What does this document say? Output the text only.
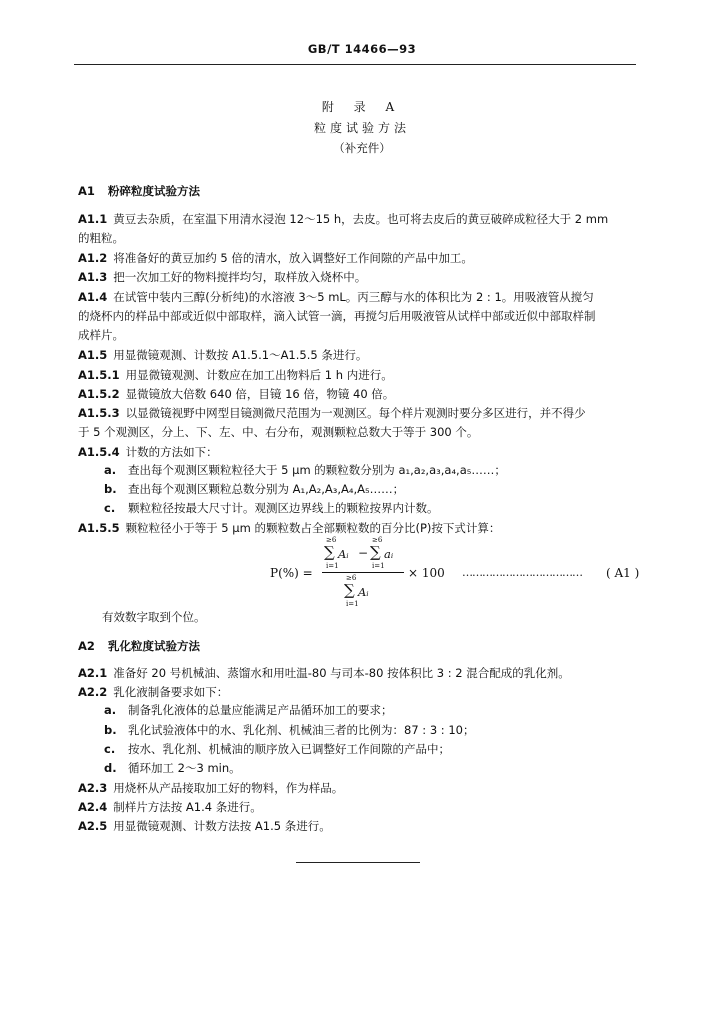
GB/T 14466—93
附 录 A
粒度试验方法
（补充件）
A1 粉碎粒度试验方法
A1.1 黄豆去杂质，在室温下用清水浸泡 12～15 h，去皮。也可将去皮后的黄豆破碎成粒径大于 2 mm
的粗粒。
A1.2 将准备好的黄豆加约 5 倍的清水，放入调整好工作间隙的产品中加工。
A1.3 把一次加工好的物料搅拌均匀，取样放入烧杯中。
A1.4 在试管中装内三醇(分析纯)的水溶液 3～5 mL。丙三醇与水的体积比为 2 : 1。用吸液管从搅匀
的烧杯内的样品中部或近似中部取样，滴入试管一滴，再搅匀后用吸液管从试样中部或近似中部取样制
成样片。
A1.5 用显微镜观测、计数按 A1.5.1～A1.5.5 条进行。
A1.5.1 用显微镜观测、计数应在加工出物料后 1 h 内进行。
A1.5.2 显微镜放大倍数 640 倍，目镜 16 倍，物镜 40 倍。
A1.5.3 以显微镜视野中网型目镜测微尺范围为一观测区。每个样片观测时要分多区进行，并不得少
于 5 个观测区，分上、下、左、中、右分布，观测颗粒总数大于等于 300 个。
A1.5.4 计数的方法如下：
a. 查出每个观测区颗粒粒径大于 5 μm 的颗粒数分别为 a₁,a₂,a₃,a₄,a₅……；
b. 查出每个观测区颗粒总数分别为 A₁,A₂,A₃,A₄,A₅……；
c. 颗粒粒径按最大尺寸计。观测区边界线上的颗粒按界内计数。
A1.5.5 颗粒粒径小于等于 5 μm 的颗粒数占全部颗粒数的百分比(P)按下式计算：
P(%) =
≥6
∑
i=1
Aᵢ −
≥6
∑
i=1
aᵢ
≥6
∑
i=1
Aᵢ
× 100 ……………………………… ( A1 )
有效数字取到个位。
A2 乳化粒度试验方法
A2.1 准备好 20 号机械油、蒸馏水和用吐温-80 与司本-80 按体积比 3 : 2 混合配成的乳化剂。
A2.2 乳化液制备要求如下：
a. 制备乳化液体的总量应能满足产品循环加工的要求；
b. 乳化试验液体中的水、乳化剂、机械油三者的比例为：87 : 3 : 10；
c. 按水、乳化剂、机械油的顺序放入已调整好工作间隙的产品中；
d. 循环加工 2～3 min。
A2.3 用烧杯从产品接取加工好的物料，作为样品。
A2.4 制样片方法按 A1.4 条进行。
A2.5 用显微镜观测、计数方法按 A1.5 条进行。
